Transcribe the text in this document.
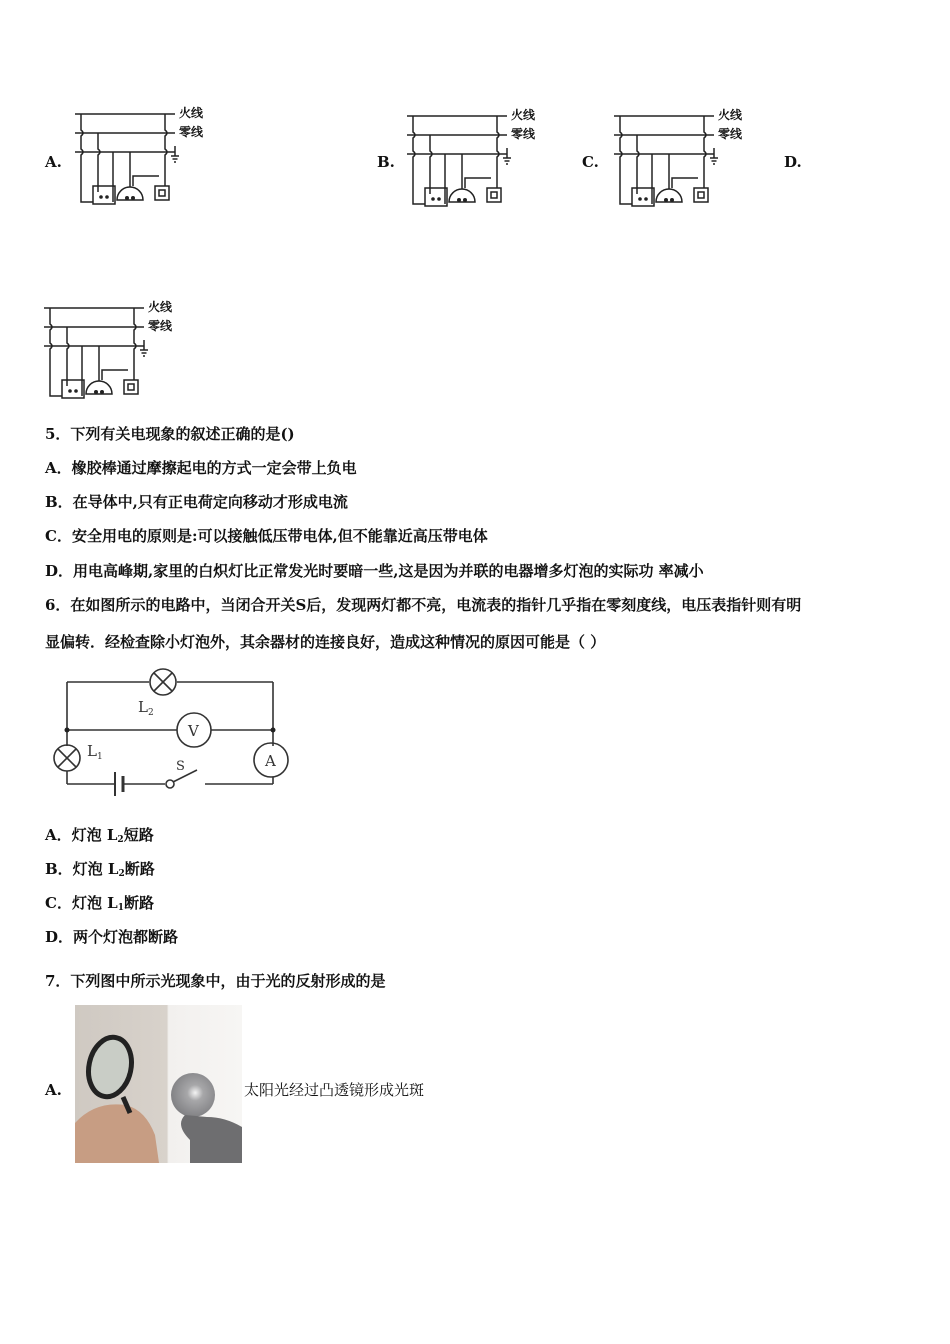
A.
火线
零线
B.
火线
零线
C.
火线
零线
D.
火线
零线
5．下列有关电现象的叙述正确的是()
A．橡胶棒通过摩擦起电的方式一定会带上负电
B．在导体中,只有正电荷定向移动才形成电流
C．安全用电的原则是:可以接触低压带电体,但不能靠近高压带电体
D．用电高峰期,家里的白炽灯比正常发光时要暗一些,这是因为并联的电器增多灯泡的实际功 率减小
6．在如图所示的电路中，当闭合开关S后，发现两灯都不亮，电流表的指针几乎指在零刻度线，电压表指针则有明
显偏转．经检查除小灯泡外，其余器材的连接良好，造成这种情况的原因可能是（ ）
$L_2$
$L_1$
V
A
S
A．灯泡 $L_2$短路
B．灯泡 $L_2$断路
C．灯泡 $L_1$断路
D．两个灯泡都断路
7．下列图中所示光现象中，由于光的反射形成的是
A.	太阳光经过凸透镜形成光斑
